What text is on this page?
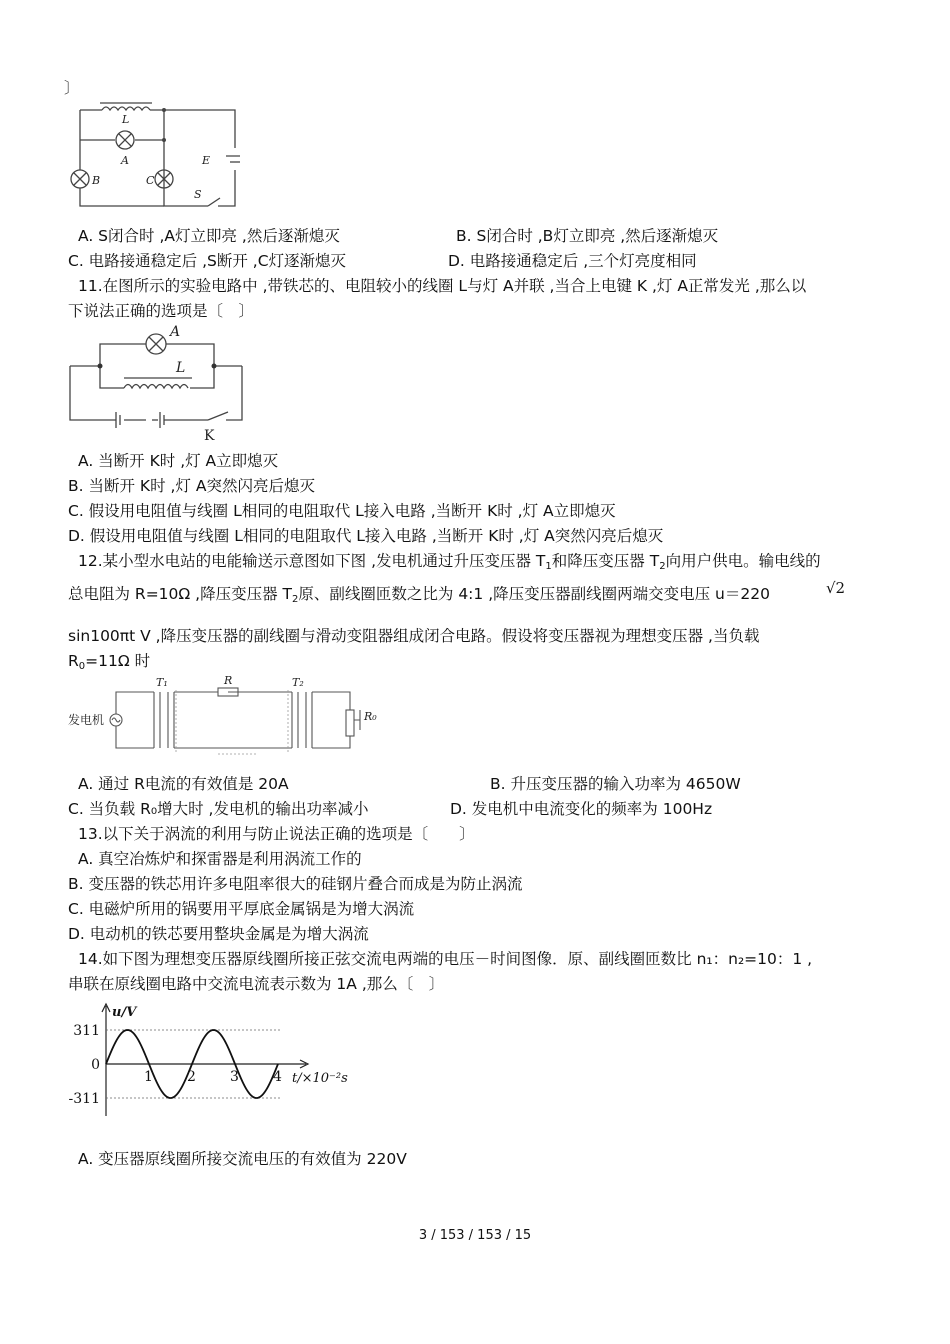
〕
L
A
B	C
E
S
A. S闭合时 ,A灯立即亮 ,然后逐渐熄灭	B. S闭合时 ,B灯立即亮 ,然后逐渐熄灭
C. 电路接通稳定后 ,S断开 ,C灯逐渐熄灭	D. 电路接通稳定后 ,三个灯亮度相同
11.在图所示的实验电路中 ,带铁芯的、电阻较小的线圈 L与灯 A并联 ,当合上电键 K ,灯 A正常发光 ,那么以
下说法正确的选项是〔　〕
A
L
K
A. 当断开 K时 ,灯 A立即熄灭
B. 当断开 K时 ,灯 A突然闪亮后熄灭
C. 假设用电阻值与线圈 L相同的电阻取代 L接入电路 ,当断开 K时 ,灯 A立即熄灭
D. 假设用电阻值与线圈 L相同的电阻取代 L接入电路 ,当断开 K时 ,灯 A突然闪亮后熄灭
12.某小型水电站的电能输送示意图如下图 ,发电机通过升压变压器 $T_1$和降压变压器 $T_2$向用户供电。输电线的
总电阻为 R=10Ω ,降压变压器 $T_2$原、副线圈匝数之比为 4:1 ,降压变压器副线圈两端交变电压 u＝220	√2
sin100πt V ,降压变压器的副线圈与滑动变阻器组成闭合电路。假设将变压器视为理想变压器 ,当负载
$R_0=11\Omega$ 时
发电机
T₁	R	T₂
R₀
A. 通过 R电流的有效值是 20A	B. 升压变压器的输入功率为 4650W
C. 当负载 R₀增大时 ,发电机的输出功率减小	D. 发电机中电流变化的频率为 100Hz
13.以下关于涡流的利用与防止说法正确的选项是〔　　〕
A. 真空冶炼炉和探雷器是利用涡流工作的
B. 变压器的铁芯用许多电阻率很大的硅钢片叠合而成是为防止涡流
C. 电磁炉所用的锅要用平厚底金属锅是为增大涡流
D. 电动机的铁芯要用整块金属是为增大涡流
14.如下图为理想变压器原线圈所接正弦交流电两端的电压－时间图像．原、副线圈匝数比 n₁：n₂=10：1 ,
串联在原线圈电路中交流电流表示数为 1A ,那么〔　〕
311
0
-311
1 2 3 4
u/V
t/×10⁻²s
A. 变压器原线圈所接交流电压的有效值为 220V
3 / 153 / 153 / 15
